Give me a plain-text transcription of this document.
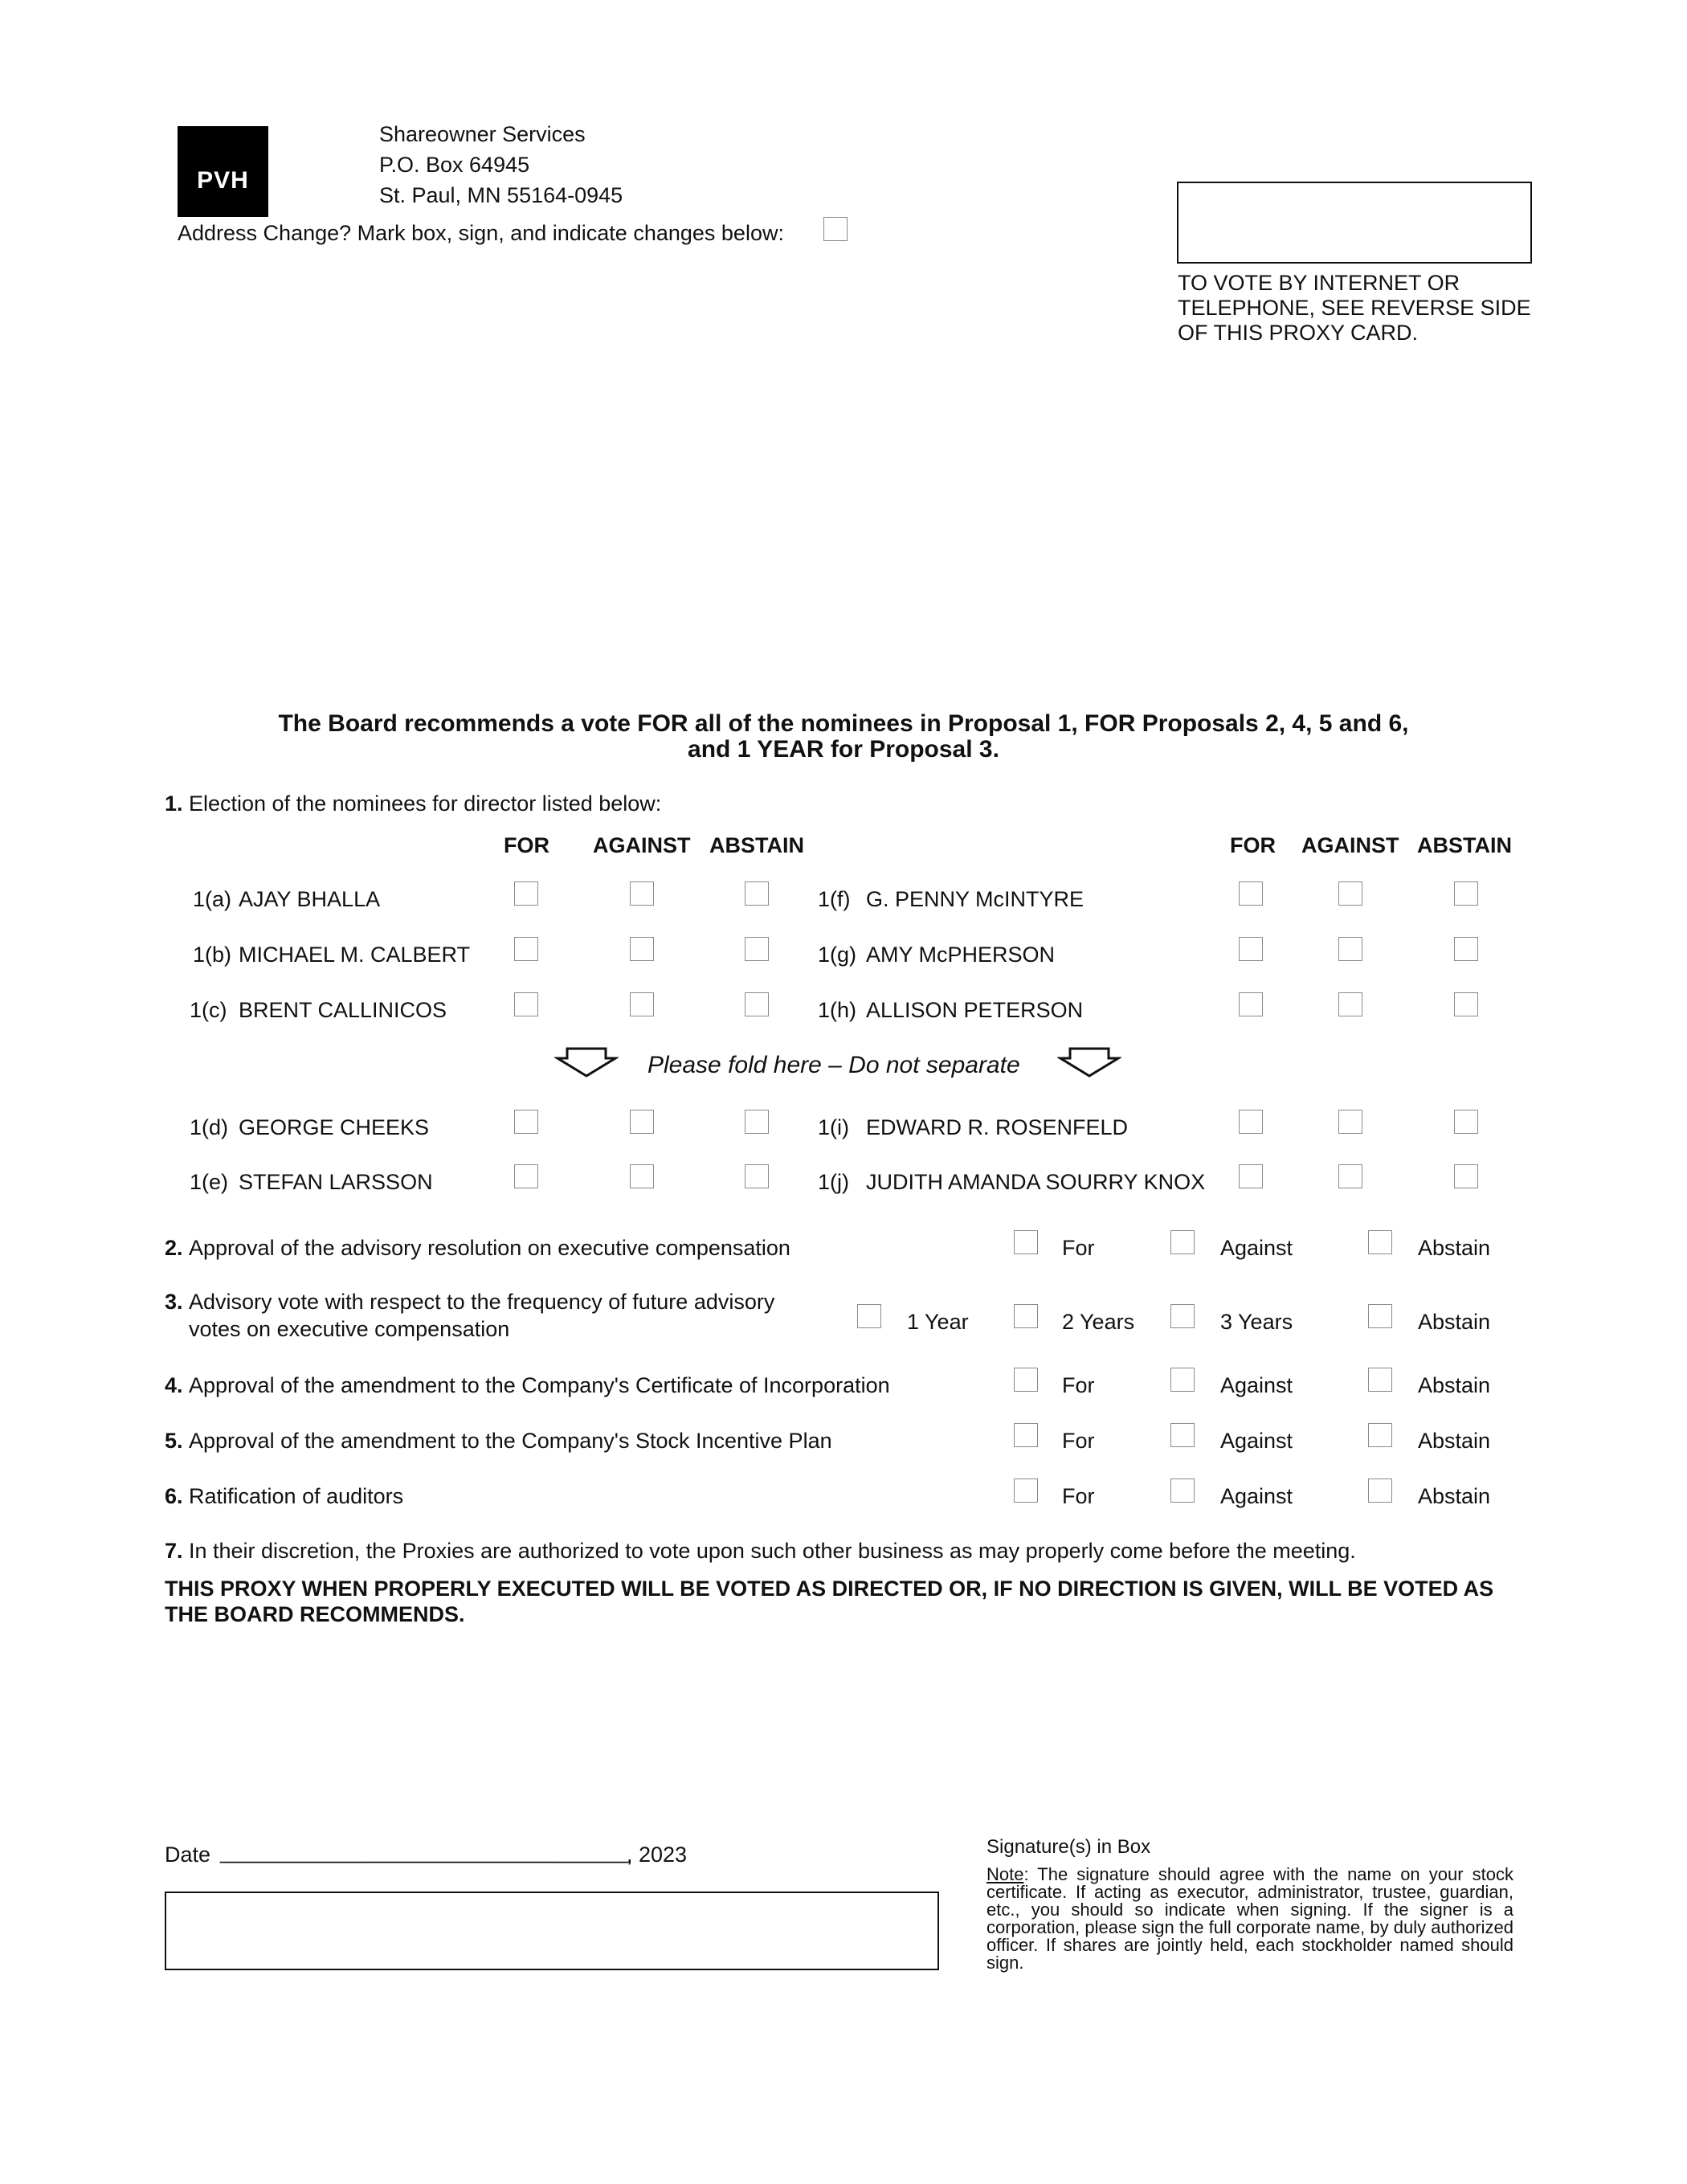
PVH
Shareowner Services
P.O. Box 64945
St. Paul, MN 55164-0945
Address Change? Mark box, sign, and indicate changes below:
TO VOTE BY INTERNET OR
TELEPHONE, SEE REVERSE SIDE
OF THIS PROXY CARD.
The Board recommends a vote FOR all of the nominees in Proposal 1, FOR Proposals 2, 4, 5 and 6,
and 1 YEAR for Proposal 3.
1. Election of the nominees for director listed below:
FOR AGAINST ABSTAIN	FOR AGAINST ABSTAIN
1(a) AJAY BHALLA	1(f) G. PENNY McINTYRE
1(b) MICHAEL M. CALBERT	1(g) AMY McPHERSON
1(c) BRENT CALLINICOS	1(h) ALLISON PETERSON
Please fold here – Do not separate
1(d) GEORGE CHEEKS	1(i) EDWARD R. ROSENFELD
1(e) STEFAN LARSSON	1(j) JUDITH AMANDA SOURRY KNOX
2. Approval of the advisory resolution on executive compensation	For	Against	Abstain
3. Advisory vote with respect to the frequency of future advisory
votes on executive compensation	1 Year	2 Years	3 Years	Abstain
4. Approval of the amendment to the Company's Certificate of Incorporation	For	Against	Abstain
5. Approval of the amendment to the Company's Stock Incentive Plan	For	Against	Abstain
6. Ratification of auditors	For	Against	Abstain
7. In their discretion, the Proxies are authorized to vote upon such other business as may properly come before the meeting.
THIS PROXY WHEN PROPERLY EXECUTED WILL BE VOTED AS DIRECTED OR, IF NO DIRECTION IS GIVEN, WILL BE VOTED AS
THE BOARD RECOMMENDS.
Date __________________________________
, 2023	Signature(s) in Box
Note: The signature should agree with the name on your stock certificate. If acting as executor, administrator, trustee, guardian, etc., you should so indicate when signing. If the signer is a corporation, please sign the full corporate name, by duly authorized officer. If shares are jointly held, each stockholder named should sign.
